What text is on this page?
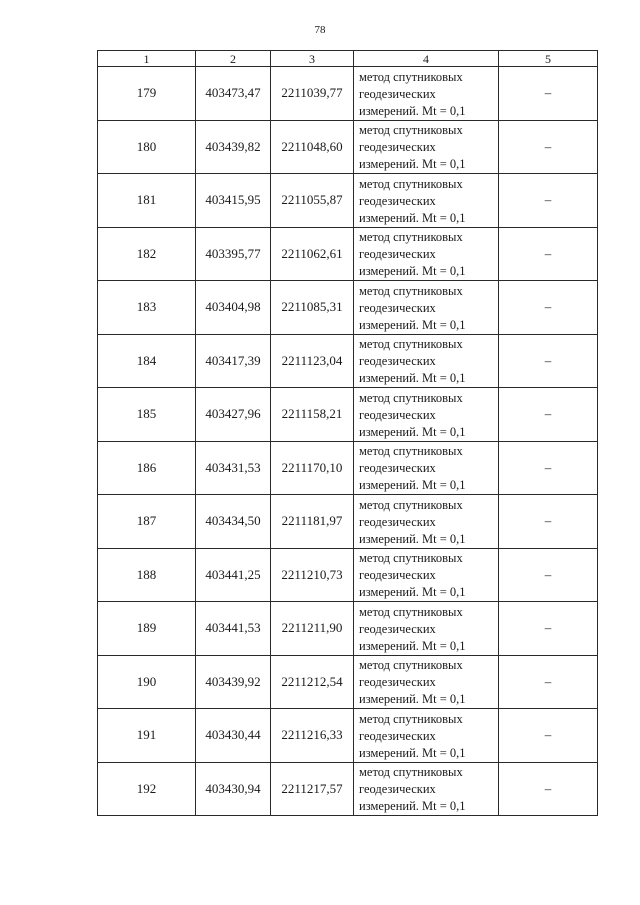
78
1	2	3	4	5
179	403473,47	2211039,77	метод спутниковых
геодезических
измерений. Mt = 0,1	–
180	403439,82	2211048,60	метод спутниковых
геодезических
измерений. Mt = 0,1	–
181	403415,95	2211055,87	метод спутниковых
геодезических
измерений. Mt = 0,1	–
182	403395,77	2211062,61	метод спутниковых
геодезических
измерений. Mt = 0,1	–
183	403404,98	2211085,31	метод спутниковых
геодезических
измерений. Mt = 0,1	–
184	403417,39	2211123,04	метод спутниковых
геодезических
измерений. Mt = 0,1	–
185	403427,96	2211158,21	метод спутниковых
геодезических
измерений. Mt = 0,1	–
186	403431,53	2211170,10	метод спутниковых
геодезических
измерений. Mt = 0,1	–
187	403434,50	2211181,97	метод спутниковых
геодезических
измерений. Mt = 0,1	–
188	403441,25	2211210,73	метод спутниковых
геодезических
измерений. Mt = 0,1	–
189	403441,53	2211211,90	метод спутниковых
геодезических
измерений. Mt = 0,1	–
190	403439,92	2211212,54	метод спутниковых
геодезических
измерений. Mt = 0,1	–
191	403430,44	2211216,33	метод спутниковых
геодезических
измерений. Mt = 0,1	–
192	403430,94	2211217,57	метод спутниковых
геодезических
измерений. Mt = 0,1	–
